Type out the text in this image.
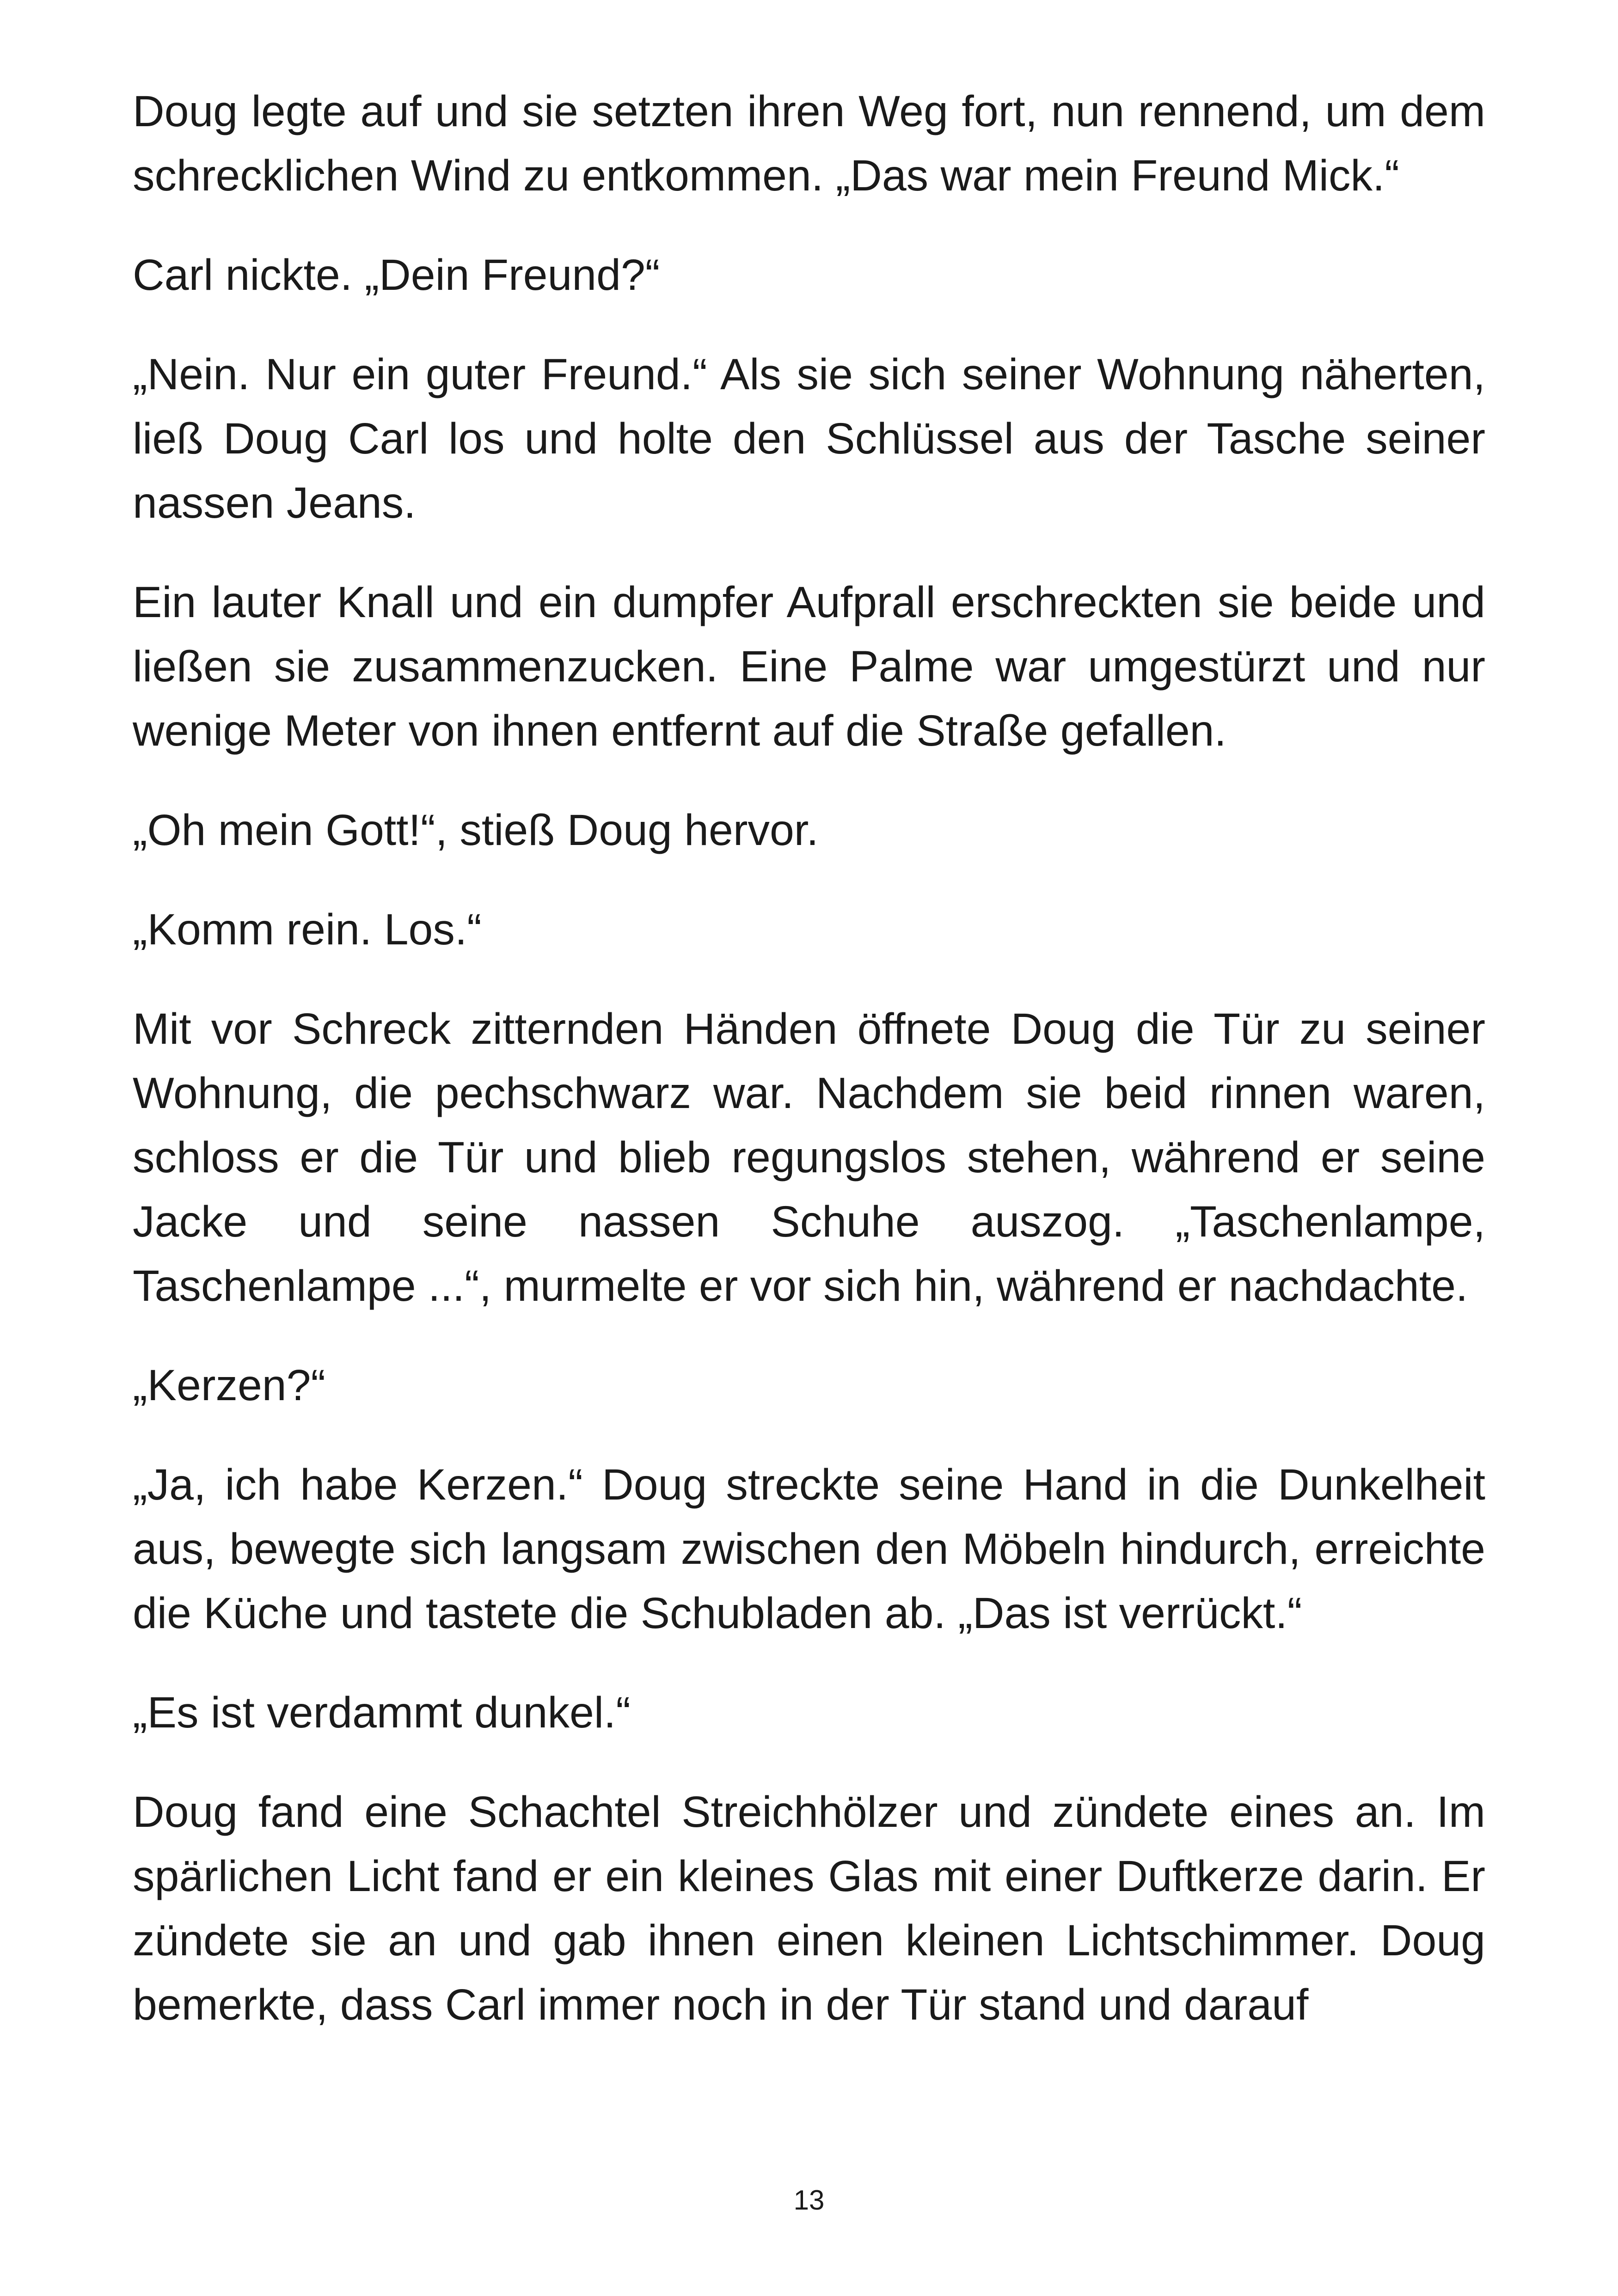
Doug legte auf und sie setzten ihren Weg fort, nun rennend, um dem schrecklichen Wind zu entkommen. „Das war mein Freund Mick.“

Carl nickte. „Dein Freund?“

„Nein. Nur ein guter Freund.“ Als sie sich seiner Wohnung näherten, ließ Doug Carl los und holte den Schlüssel aus der Tasche seiner nassen Jeans.

Ein lauter Knall und ein dumpfer Aufprall erschreckten sie beide und ließen sie zusammenzucken. Eine Palme war umgestürzt und nur wenige Meter von ihnen entfernt auf die Straße gefallen.

„Oh mein Gott!“, stieß Doug hervor.

„Komm rein. Los.“

Mit vor Schreck zitternden Händen öffnete Doug die Tür zu seiner Wohnung, die pechschwarz war. Nachdem sie beid rinnen waren, schloss er die Tür und blieb regungslos stehen, während er seine Jacke und seine nassen Schuhe auszog. „Taschenlampe, Taschenlampe ...“, murmelte er vor sich hin, während er nachdachte.

„Kerzen?“

„Ja, ich habe Kerzen.“ Doug streckte seine Hand in die Dunkelheit aus, bewegte sich langsam zwischen den Möbeln hindurch, erreichte die Küche und tastete die Schubladen ab. „Das ist verrückt.“

„Es ist verdammt dunkel.“

Doug fand eine Schachtel Streichhölzer und zündete eines an. Im spärlichen Licht fand er ein kleines Glas mit einer Duftkerze darin. Er zündete sie an und gab ihnen einen kleinen Lichtschimmer. Doug bemerkte, dass Carl immer noch in der Tür stand und darauf

13
